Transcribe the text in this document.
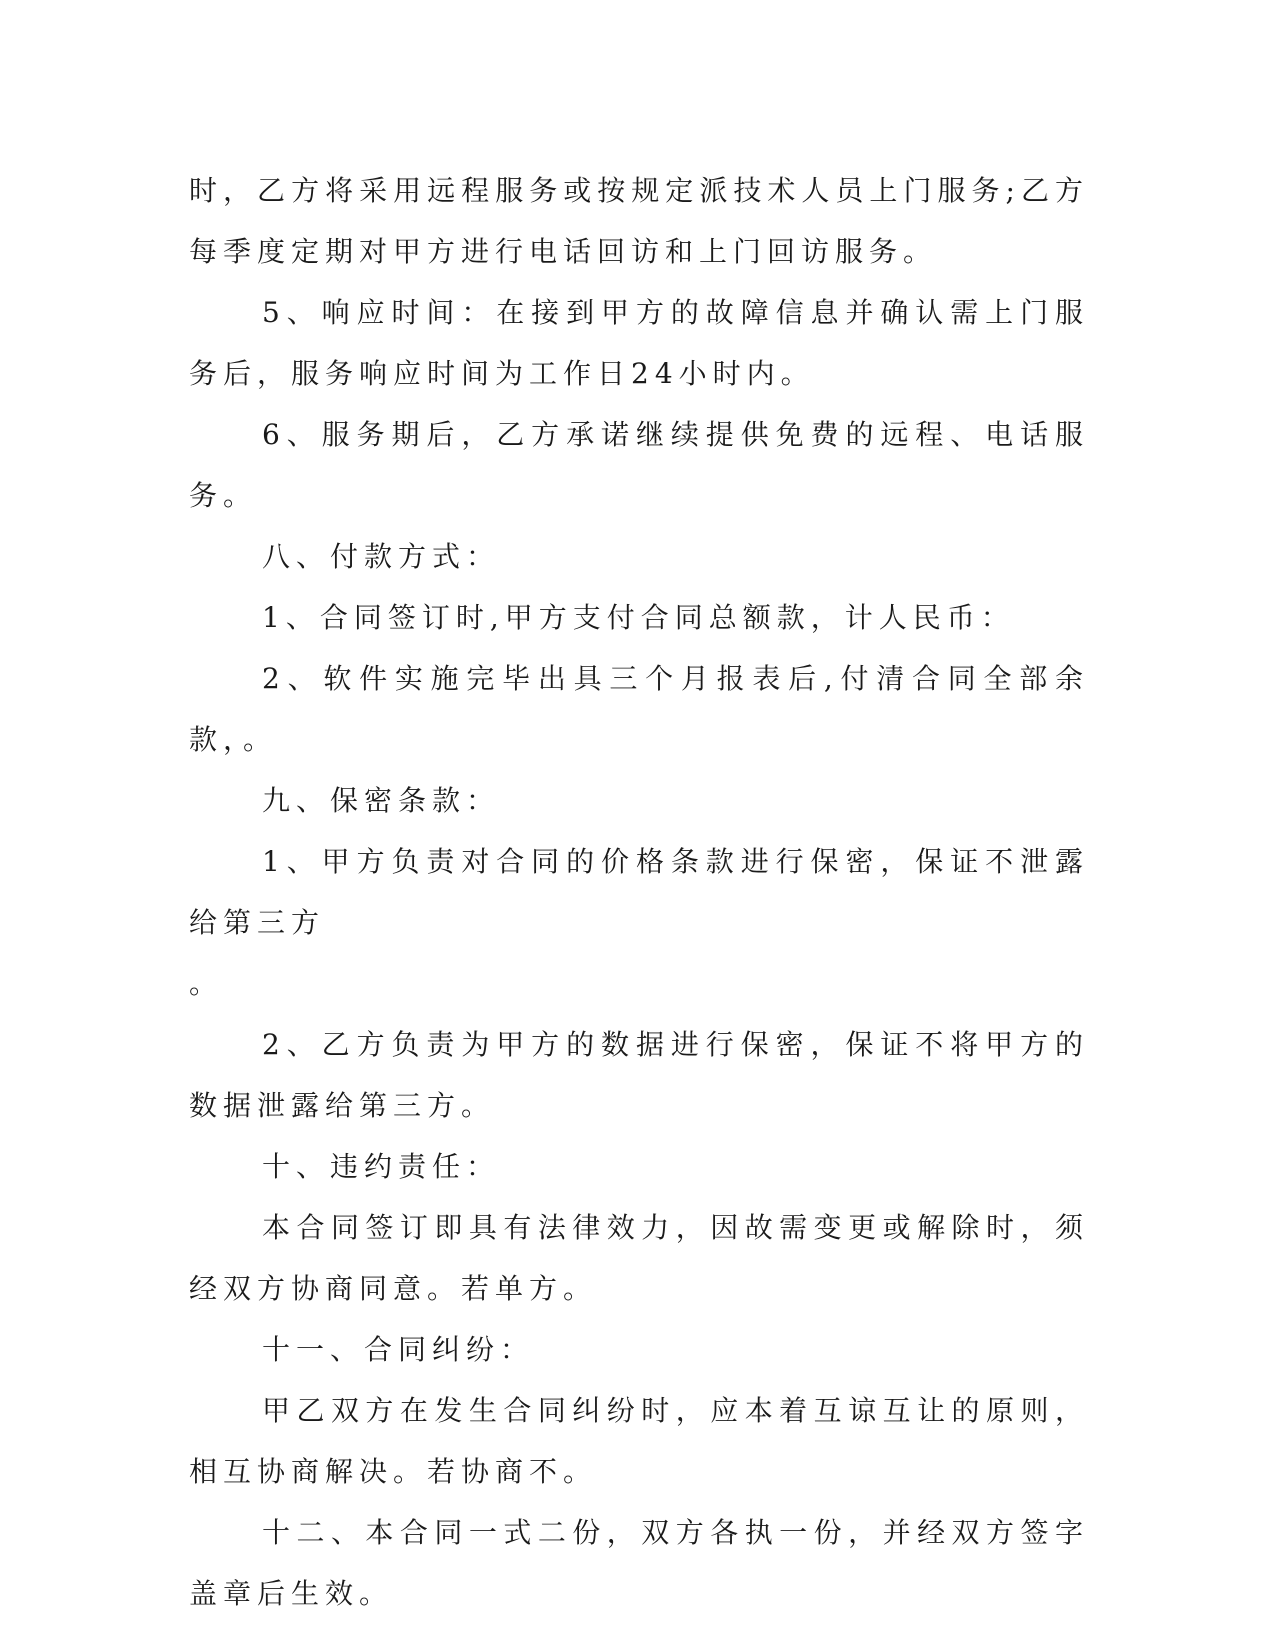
时，乙方将采用远程服务或按规定派技术人员上门服务;乙方每季度定期对甲方进行电话回访和上门回访服务。

5、响应时间：在接到甲方的故障信息并确认需上门服务后，服务响应时间为工作日24小时内。

6、服务期后，乙方承诺继续提供免费的远程、电话服务。

八、付款方式：

1、合同签订时,甲方支付合同总额款，计人民币：

2、软件实施完毕出具三个月报表后,付清合同全部余款，。

九、保密条款：

1、甲方负责对合同的价格条款进行保密，保证不泄露给第三方

。

2、乙方负责为甲方的数据进行保密，保证不将甲方的数据泄露给第三方。

十、违约责任：

本合同签订即具有法律效力，因故需变更或解除时，须经双方协商同意。若单方。

十一、合同纠纷：

甲乙双方在发生合同纠纷时，应本着互谅互让的原则，相互协商解决。若协商不。

十二、本合同一式二份，双方各执一份，并经双方签字盖章后生效。
